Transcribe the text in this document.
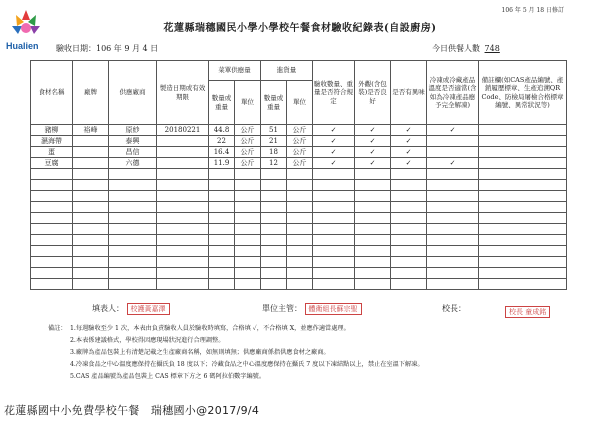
Hualien
106 年 5 月 18 日修訂
花蓮縣瑞穗國民小學小學校午餐食材驗收紀錄表(自設廚房)
驗收日期：106 年 9 月 4 日	今日供餐人數 748
食材名稱	廠牌	供應廠商	製造日期或有效期限	菜單供應量		進貨量		驗收數量、重量是否符合規定	外觀(含包裝)是否良好	是否有異味	冷凍或冷藏產品溫度是否適當(含如為冷凍產品應予完全解凍)	備註欄(如CAS產品編號、產銷履歷標章、生產追溯QR Code、防檢局屠檢合格標章編號、異常狀況等)
				數量或重量	單位	數量或重量	單位					
豬柳	裕峰	原紗	20180221	44.8	公斤	51	公斤	✓	✓	✓	✓	
濕海帶		泰興		22	公斤	21	公斤	✓	✓	✓		
蛋		昌信		16.4	公斤	18	公斤	✓	✓	✓		
豆腐		六德		11.9	公斤	12	公斤	✓	✓	✓	✓	

填表人： 校護黃嘉澤	單位主管： 體衛組長蘇宗聖	校長：	校長 童成銘
備註： 1.每週驗收至少 1 次，本表由負責驗收人員於驗收時填寫，合格填 ✓，不合格填 X，並應作適當處理。
2.本表係建議格式，學校得因應現場狀況進行合理調整。
3.廠牌為產品包裝上有清楚記載之生產廠商名稱，如無則填無；供應廠商係指供應食材之廠商。
4.冷凍食品之中心溫度應保持在攝氏負 18 度以下；冷藏食品之中心溫度應保持在攝氏 7 度以下凍結點以上，禁止在室溫下解凍。
5.CAS 產品編號為產品包裝上 CAS 標章下方之 6 碼阿拉伯數字編號。
花蓮縣國中小免費學校午餐　瑞穗國小@2017/9/4
